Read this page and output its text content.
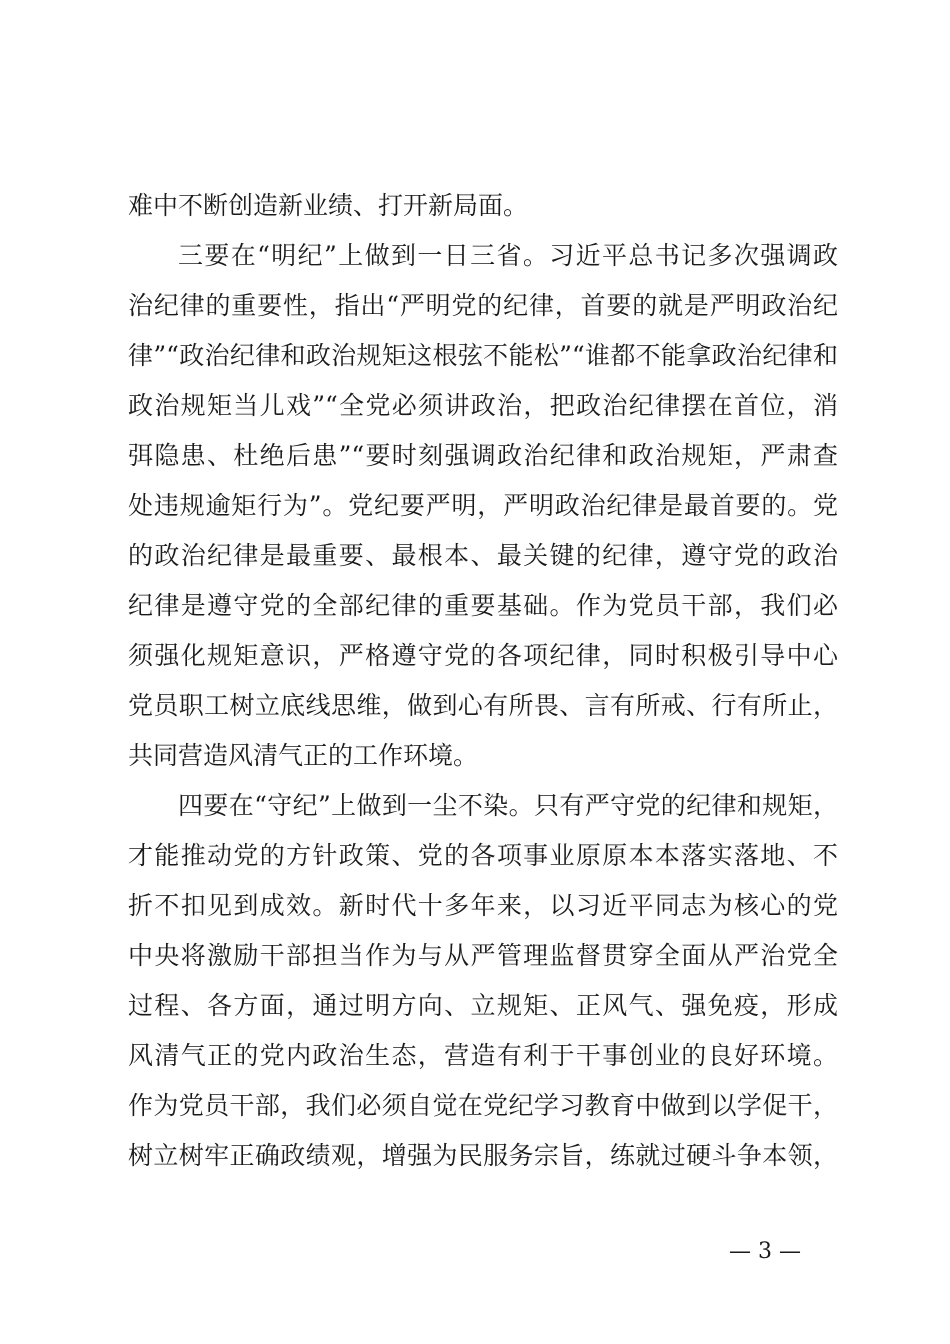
难中不断创造新业绩、打开新局面。
三要在“明纪”上做到一日三省。习近平总书记多次强调政
治纪律的重要性，指出“严明党的纪律，首要的就是严明政治纪
律”“政治纪律和政治规矩这根弦不能松”“谁都不能拿政治纪律和
政治规矩当儿戏”“全党必须讲政治，把政治纪律摆在首位，消
弭隐患、杜绝后患”“要时刻强调政治纪律和政治规矩，严肃查
处违规逾矩行为”。党纪要严明，严明政治纪律是最首要的。党
的政治纪律是最重要、最根本、最关键的纪律，遵守党的政治
纪律是遵守党的全部纪律的重要基础。作为党员干部，我们必
须强化规矩意识，严格遵守党的各项纪律，同时积极引导中心
党员职工树立底线思维，做到心有所畏、言有所戒、行有所止，
共同营造风清气正的工作环境。
四要在“守纪”上做到一尘不染。只有严守党的纪律和规矩，
才能推动党的方针政策、党的各项事业原原本本落实落地、不
折不扣见到成效。新时代十多年来，以习近平同志为核心的党
中央将激励干部担当作为与从严管理监督贯穿全面从严治党全
过程、各方面，通过明方向、立规矩、正风气、强免疫，形成
风清气正的党内政治生态，营造有利于干事创业的良好环境。
作为党员干部，我们必须自觉在党纪学习教育中做到以学促干，
树立树牢正确政绩观，增强为民服务宗旨，练就过硬斗争本领，
— 3 —
